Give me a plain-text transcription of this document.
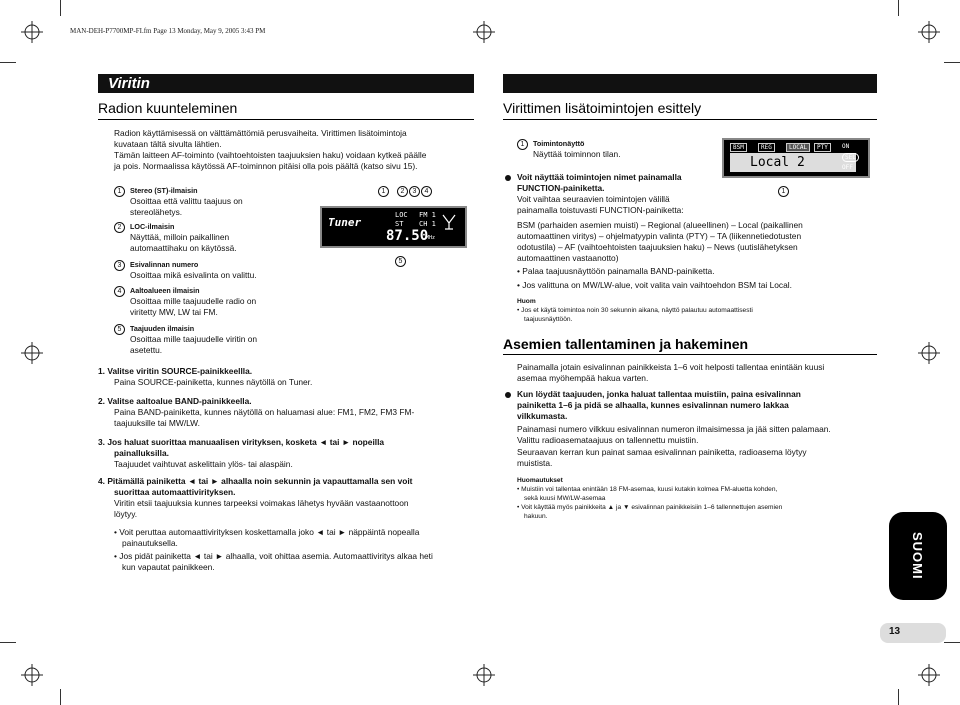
MAN-DEH-P7700MP-FI.fm Page 13 Monday, May 9, 2005 3:43 PM
Viritin
Radion kuunteleminen
Radion käyttämisessä on välttämättömiä perusvaiheita. Virittimen lisätoimintoja
kuvataan tältä sivulta lähtien.
Tämän laitteen AF-toiminto (vaihtoehtoisten taajuuksien haku) voidaan kytkeä päälle
ja pois. Normaalissa käytössä AF-toiminnon pitäisi olla pois päältä (katso sivu 15).
1	Stereo (ST)-ilmaisin
Osoittaa että valittu taajuus on
stereolähetys.
2	LOC-ilmaisin
Näyttää, milloin paikallinen
automaattihaku on käytössä.
3	Esivalinnan numero
Osoittaa mikä esivalinta on valittu.
4	Aaltoalueen ilmaisin
Osoittaa mille taajuudelle radio on
viritetty MW, LW tai FM.
5	Taajuuden ilmaisin
Osoittaa mille taajuudelle viritin on
asetettu.
1	2	3	4
Tuner
LOC
ST
FM 1
CH 1
87.50
MHz
5
1. Valitse viritin SOURCE-painikkeellla.
Paina SOURCE-painiketta, kunnes näytöllä on Tuner.
2. Valitse aaltoalue BAND-painikkeella.
Paina BAND-painiketta, kunnes näytöllä on haluamasi alue: FM1, FM2, FM3 FM-
taajuuksille tai MW/LW.
3. Jos haluat suorittaa manuaalisen virityksen, kosketa ◄ tai ► nopeilla
painalluksilla.
Taajuudet vaihtuvat askelittain ylös- tai alaspäin.
4. Pitämällä painiketta ◄ tai ► alhaalla noin sekunnin ja vapauttamalla sen voit
suorittaa automaattivirityksen.
Viritin etsii taajuuksia kunnes tarpeeksi voimakas lähetys hyvään vastaanottoon
löytyy.
• Voit peruttaa automaattivirityksen koskettamalla joko ◄ tai ► näppäintä nopealla
painautuksella.
• Jos pidät painiketta ◄ tai ► alhaalla, voit ohittaa asemia. Automaattiviritys alkaa heti
kun vapautat painikkeen.
Virittimen lisätoimintojen esittely
1	Toimintonäyttö
Näyttää toiminnon tilan.
BSM	REG	LOCAL	PTY
Local 2
ON
SEL
OFF
1
Voit näyttää toimintojen nimet painamalla
FUNCTION-painiketta.
Voit vaihtaa seuraavien toimintojen välillä
painamalla toistuvasti FUNCTION-painiketta:
BSM (parhaiden asemien muisti) – Regional (alueellinen) – Local (paikallinen
automaattinen viritys) – ohjelmatyypin valinta (PTY) – TA (liikennetiedotusten
odotustila) – AF (vaihtoehtoisten taajuuksien haku) – News (uutislähetyksen
automaattinen vastaanotto)
• Palaa taajuusnäyttöön painamalla BAND-painiketta.
• Jos valittuna on MW/LW-alue, voit valita vain vaihtoehdon BSM tai Local.
Huom
• Jos et käytä toimintoa noin 30 sekunnin aikana, näyttö palautuu automaattisesti
taajuusnäyttöön.
Asemien tallentaminen ja hakeminen
Painamalla jotain esivalinnan painikkeista 1–6 voit helposti tallentaa enintään kuusi
asemaa myöhempää hakua varten.
Kun löydät taajuuden, jonka haluat tallentaa muistiin, paina esivalinnan
painiketta 1–6 ja pidä se alhaalla, kunnes esivalinnan numero lakkaa
vilkkumasta.
Painamasi numero vilkkuu esivalinnan numeron ilmaisimessa ja jää sitten palamaan.
Valittu radioasemataajuus on tallennettu muistiin.
Seuraavan kerran kun painat samaa esivalinnan painiketta, radioasema löytyy
muistista.
Huomautukset
• Muistiin voi tallentaa enintään 18 FM-asemaa, kuusi kutakin kolmea FM-aluetta kohden,
sekä kuusi MW/LW-asemaa
• Voit käyttää myös painikkeita ▲ ja ▼ esivalinnan painikkeisiin 1–6 tallennettujen asemien
hakuun.
SUOMI
13
